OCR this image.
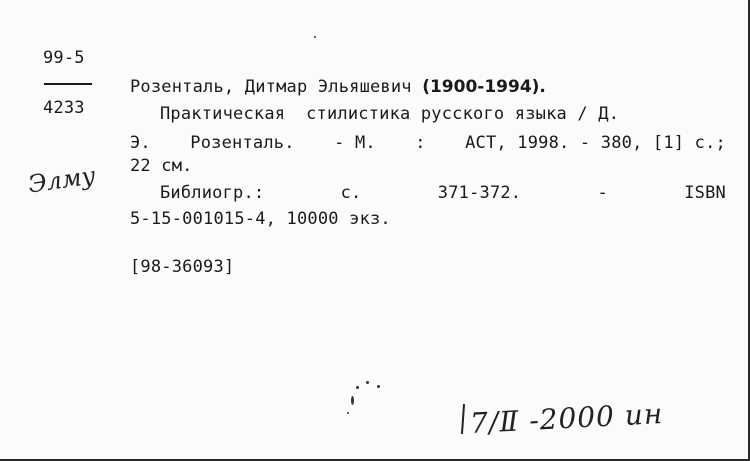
99-5
4233
Элму
Розенталь, Дитмар Эльяшевич (1900-1994).
Практическая  стилистика русского языка / Д.
Э. Розенталь. - М. : АСТ, 1998. - 380, [1] с.;
22 см.
Библиогр.:	с.	371-372.	-	ISBN
5-15-001015-4, 10000 экз.
[98-36093]
7/Ⅱ -2000 ин
